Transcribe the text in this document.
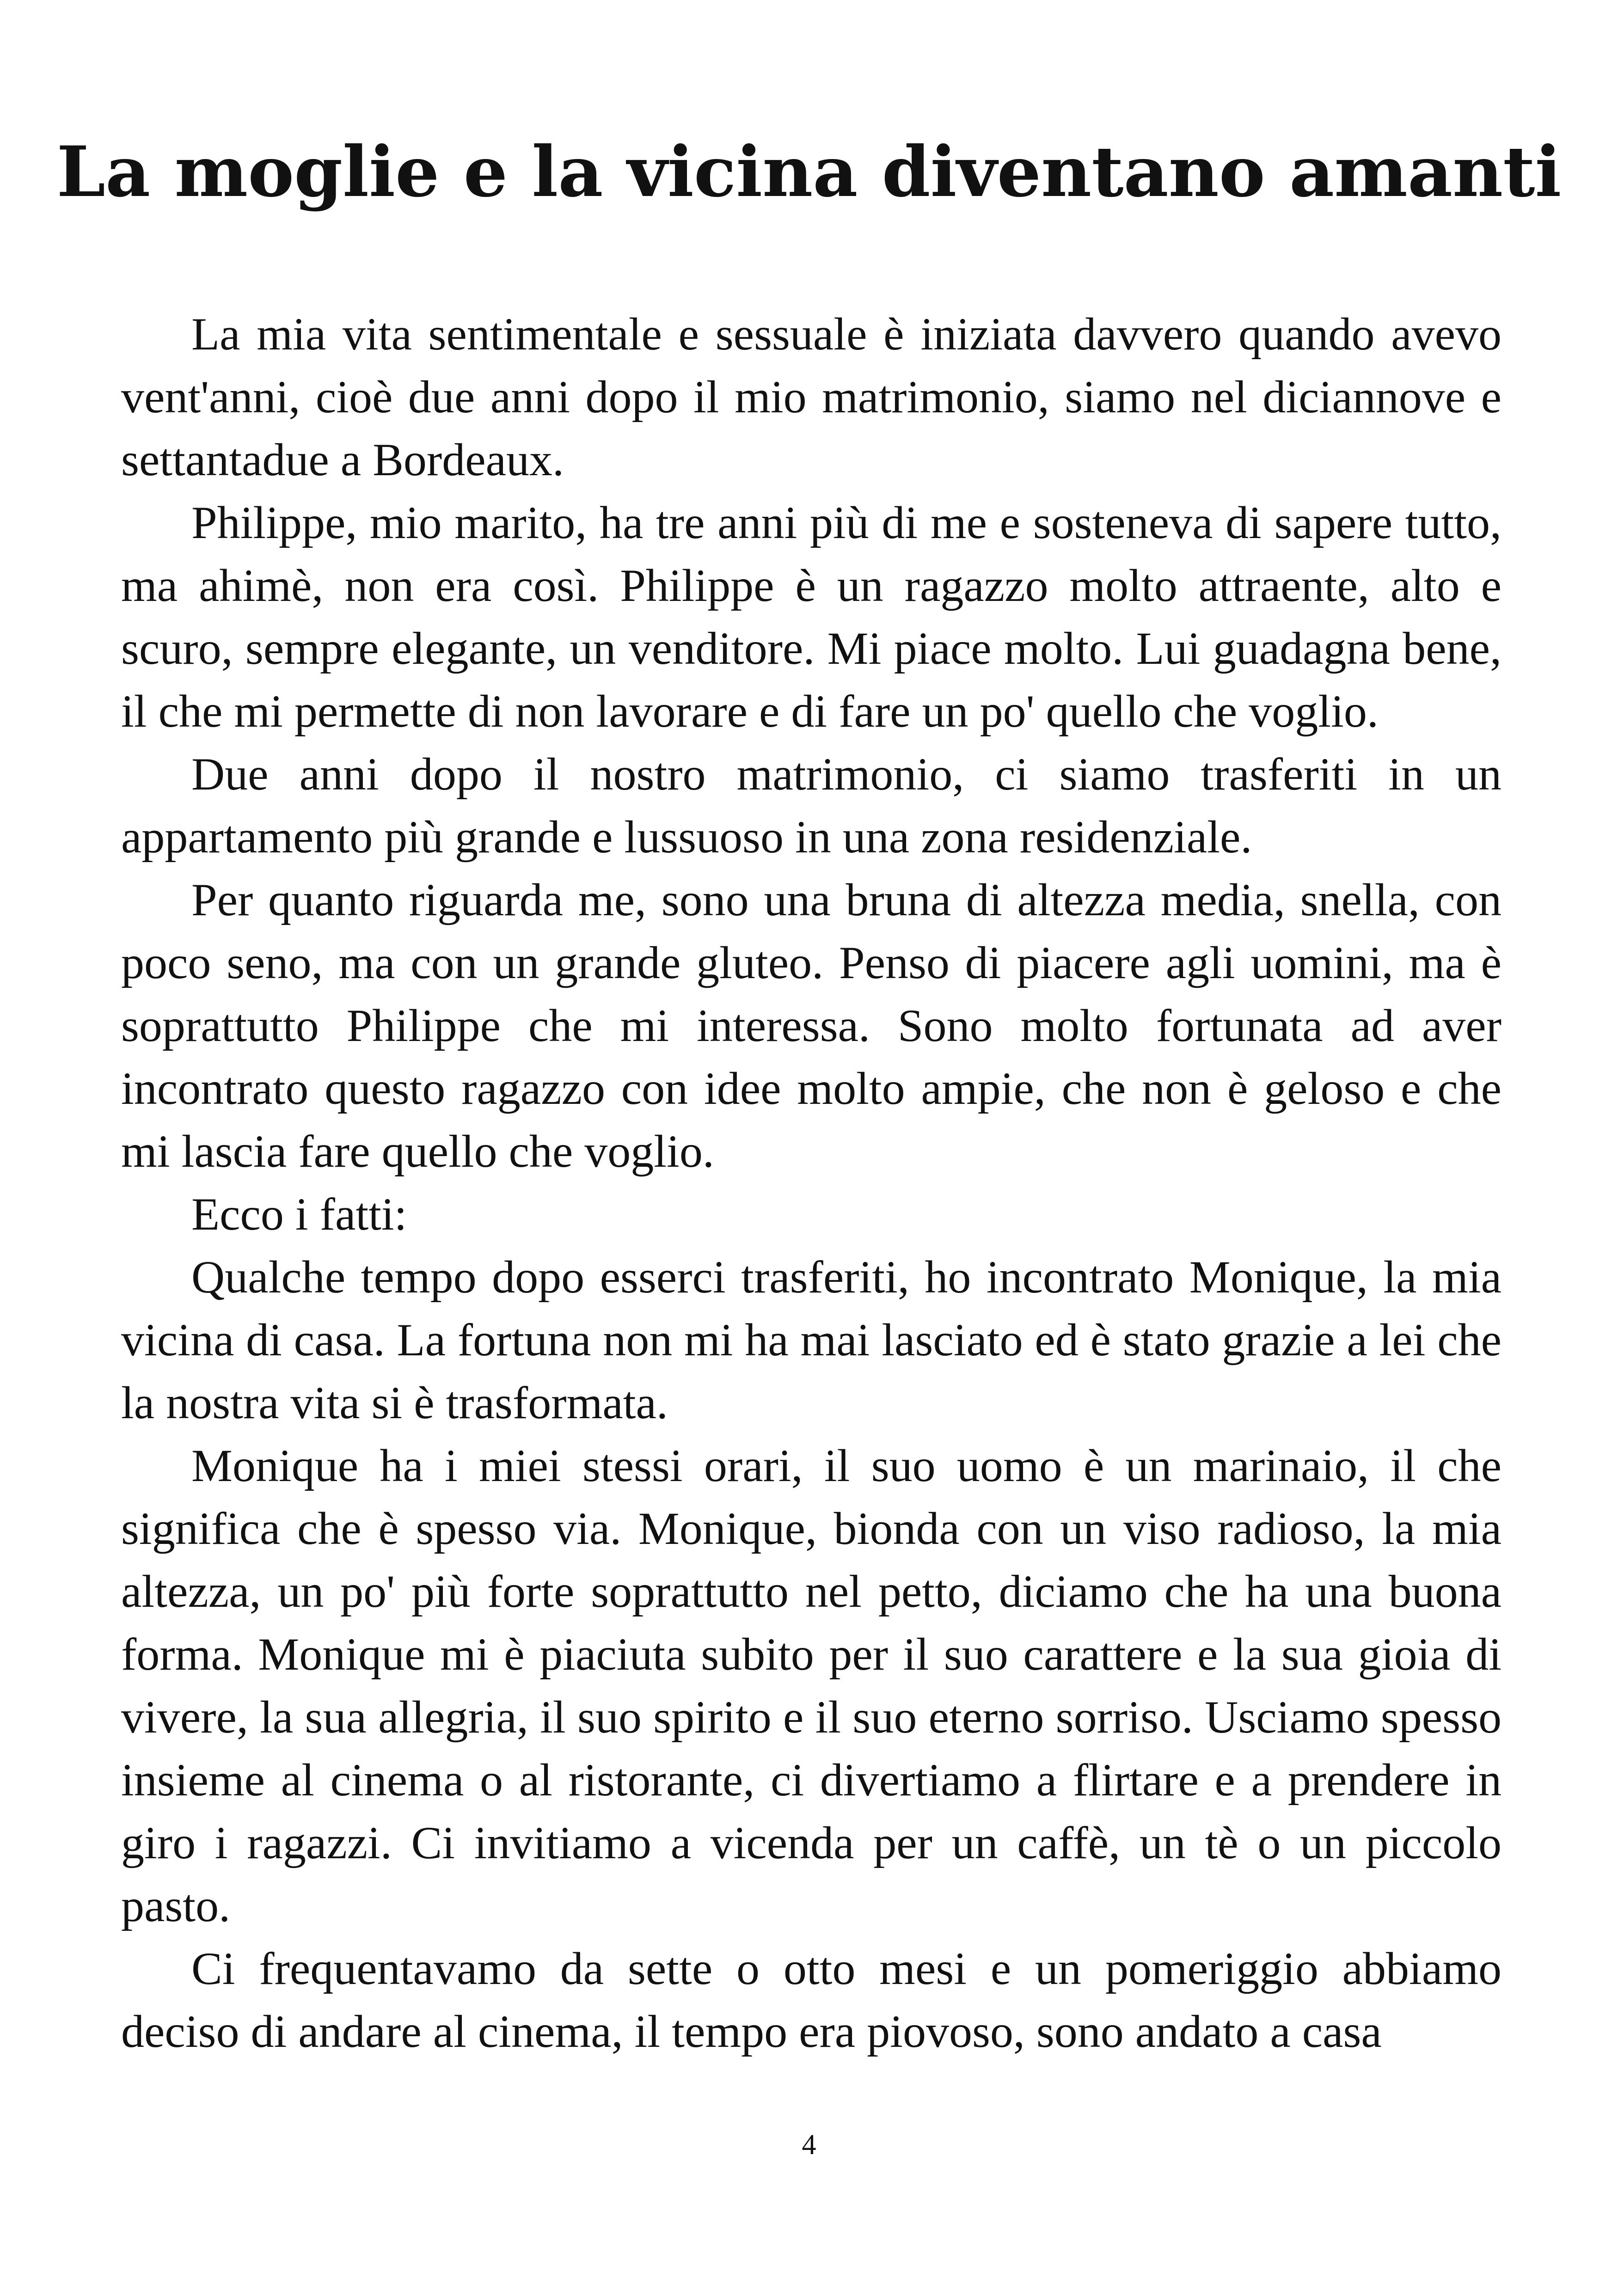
La moglie e la vicina diventano amanti

La mia vita sentimentale e sessuale è iniziata davvero quando avevo vent'anni, cioè due anni dopo il mio matrimonio, siamo nel diciannove e settantadue a Bordeaux.

Philippe, mio marito, ha tre anni più di me e sosteneva di sapere tutto, ma ahimè, non era così. Philippe è un ragazzo molto attraente, alto e scuro, sempre elegante, un venditore. Mi piace molto. Lui guadagna bene, il che mi permette di non lavorare e di fare un po' quello che voglio.

Due anni dopo il nostro matrimonio, ci siamo trasferiti in un appartamento più grande e lussuoso in una zona residenziale.

Per quanto riguarda me, sono una bruna di altezza media, snella, con poco seno, ma con un grande gluteo. Penso di piacere agli uomini, ma è soprattutto Philippe che mi interessa. Sono molto fortunata ad aver incontrato questo ragazzo con idee molto ampie, che non è geloso e che mi lascia fare quello che voglio.

Ecco i fatti:

Qualche tempo dopo esserci trasferiti, ho incontrato Monique, la mia vicina di casa. La fortuna non mi ha mai lasciato ed è stato grazie a lei che la nostra vita si è trasformata.

Monique ha i miei stessi orari, il suo uomo è un marinaio, il che significa che è spesso via. Monique, bionda con un viso radioso, la mia altezza, un po' più forte soprattutto nel petto, diciamo che ha una buona forma. Monique mi è piaciuta subito per il suo carattere e la sua gioia di vivere, la sua allegria, il suo spirito e il suo eterno sorriso. Usciamo spesso insieme al cinema o al ristorante, ci divertiamo a flirtare e a prendere in giro i ragazzi. Ci invitiamo a vicenda per un caffè, un tè o un piccolo pasto.

Ci frequentavamo da sette o otto mesi e un pomeriggio abbiamo deciso di andare al cinema, il tempo era piovoso, sono andato a casa

4
